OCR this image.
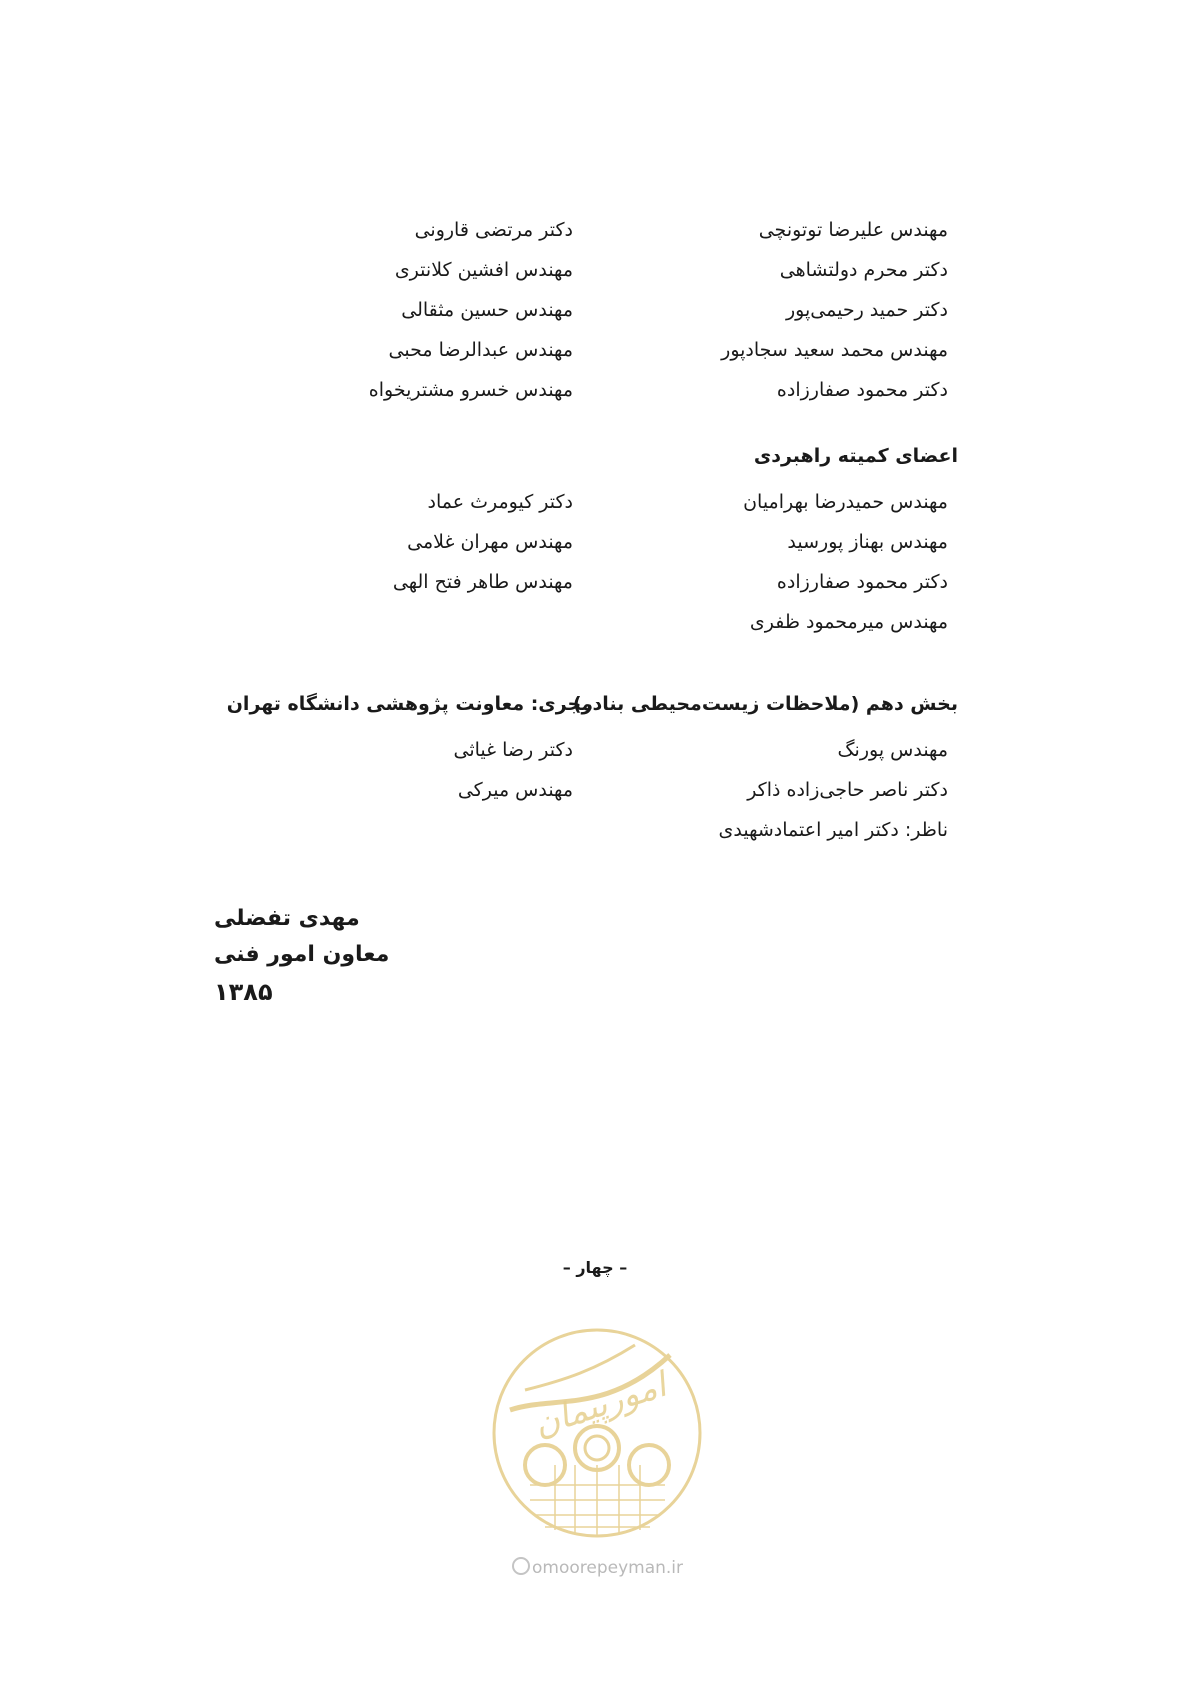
مهندس علیرضا توتونچی
دکتر محرم دولتشاهی
دکتر حمید رحیمی‌پور
مهندس محمد سعید سجادپور
دکتر محمود صفارزاده
دکتر مرتضی قارونی
مهندس افشین کلانتری
مهندس حسین مثقالی
مهندس عبدالرضا محبی
مهندس خسرو مشتریخواه
اعضای کمیته راهبردی
مهندس حمیدرضا بهرامیان
مهندس بهناز پورسید
دکتر محمود صفارزاده
مهندس میرمحمود ظفری
دکتر کیومرث عماد
مهندس مهران غلامی
مهندس طاهر فتح الهی
بخش دهم (ملاحظات زیست‌محیطی بنادر)
مهندس پورنگ
دکتر ناصر حاجی‌زاده ذاکر
ناظر: دکتر امیر اعتمادشهیدی
مجری: معاونت پژوهشی دانشگاه تهران
دکتر رضا غیاثی
مهندس میرکی
مهدی تفضلی
معاون امور فنی
۱۳۸۵
– چهار –
امورپیمان
omoorepeyman.ir
